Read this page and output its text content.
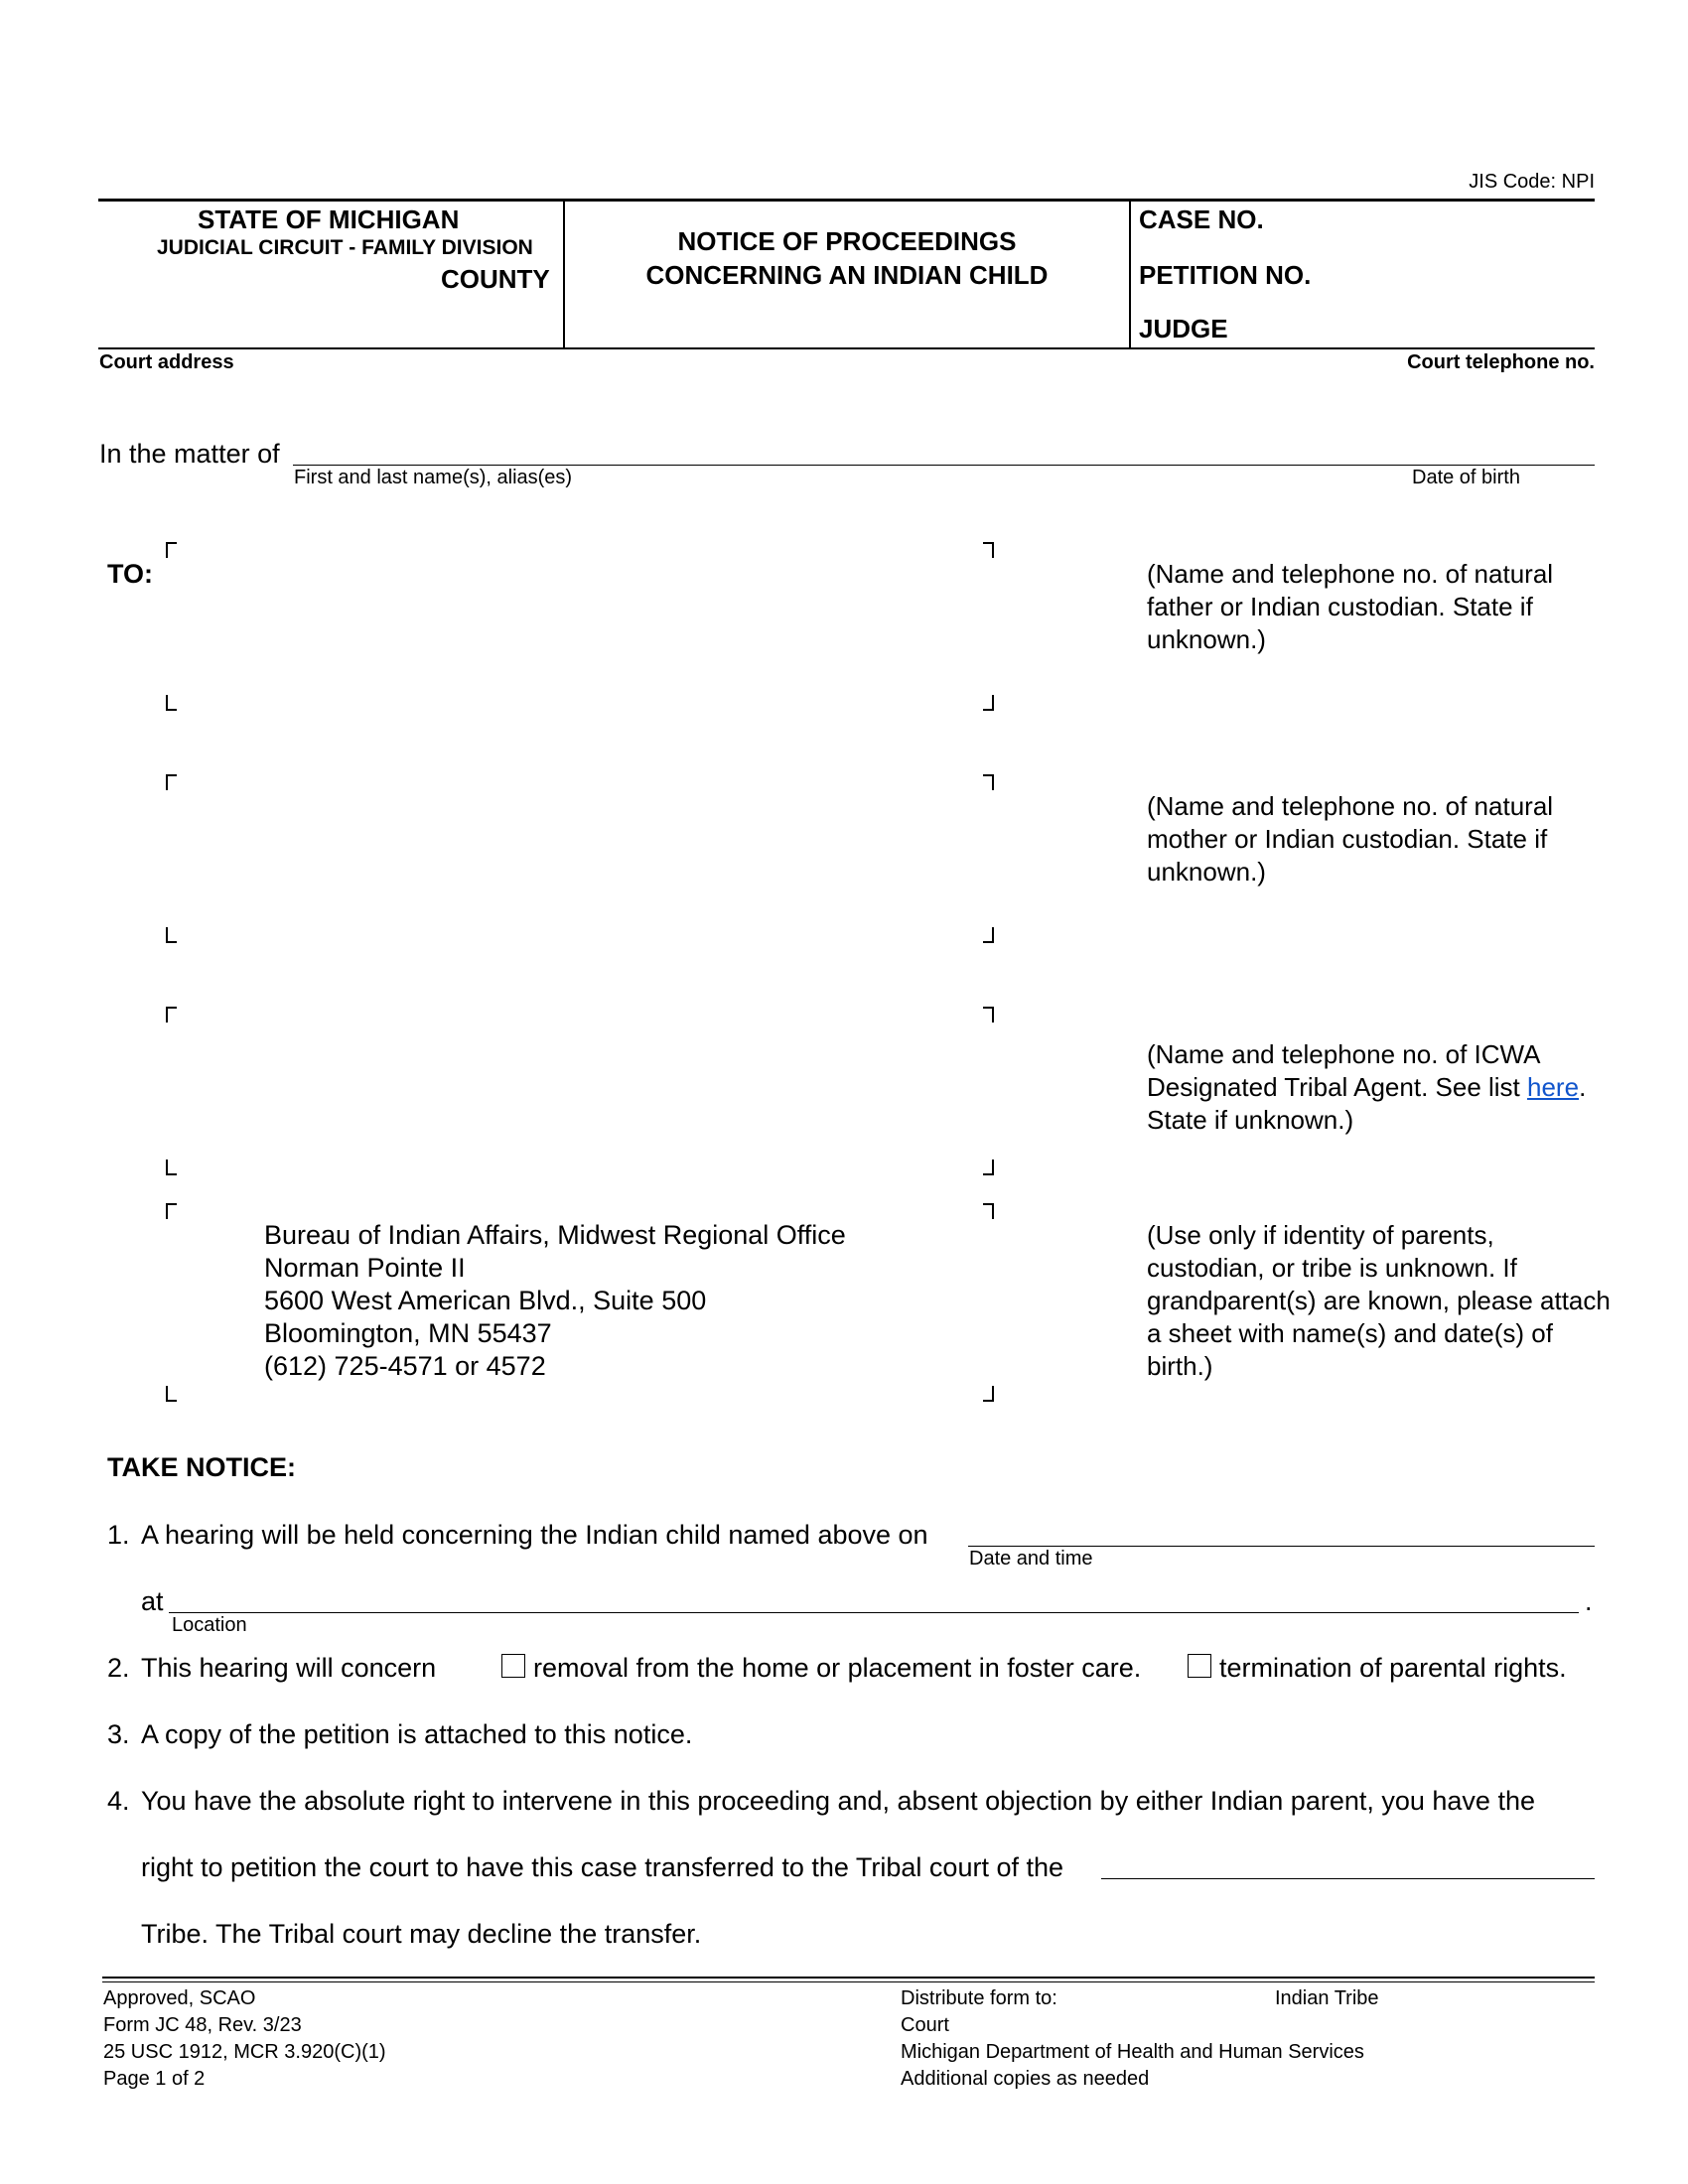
JIS Code: NPI
STATE OF MICHIGAN
JUDICIAL CIRCUIT - FAMILY DIVISION
COUNTY
NOTICE OF PROCEEDINGS
CONCERNING AN INDIAN CHILD
CASE NO.
PETITION NO.
JUDGE
Court address	Court telephone no.
In the matter of
First and last name(s), alias(es)	Date of birth
TO:	(Name and telephone no. of natural father or Indian custodian. State if unknown.)
(Name and telephone no. of natural mother or Indian custodian. State if unknown.)
(Name and telephone no. of ICWA Designated Tribal Agent. See list here. State if unknown.)
Bureau of Indian Affairs, Midwest Regional Office
Norman Pointe II
5600 West American Blvd., Suite 500
Bloomington, MN 55437
(612) 725-4571 or 4572
(Use only if identity of parents, custodian, or tribe is unknown. If grandparent(s) are known, please attach a sheet with name(s) and date(s) of birth.)
TAKE NOTICE:
1. A hearing will be held concerning the Indian child named above on
Date and time
at	.
Location
2. This hearing will concern	removal from the home or placement in foster care.	termination of parental rights.
3. A copy of the petition is attached to this notice.
4. You have the absolute right to intervene in this proceeding and, absent objection by either Indian parent, you have the
right to petition the court to have this case transferred to the Tribal court of the
Tribe. The Tribal court may decline the transfer.
Approved, SCAO
Form JC 48, Rev. 3/23
25 USC 1912, MCR 3.920(C)(1)
Page 1 of 2
Distribute form to:
Court
Michigan Department of Health and Human Services
Additional copies as needed
Indian Tribe
